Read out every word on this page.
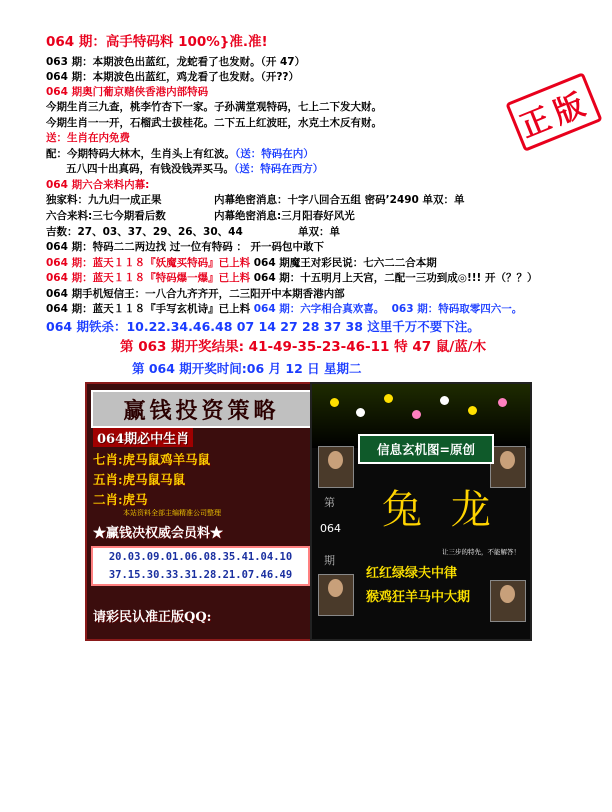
正版
064 期：高手特码料 100%}准.准!
063 期：本期波色出蓝红，龙蛇看了也发财。（开 47）
064 期：本期波色出蓝红，鸡龙看了也发财。（开??）
064 期奥门葡京赌侠香港内部特码
今期生肖三九查，桃李竹杏下一家。子孙满堂观特码，七上二下发大财。
今期生肖一一开，石榴武士拔桂花。二下五上红波旺，水克土木反有财。
送：生肖在内免费
配：今期特码大林木，生肖头上有红波。（送：特码在内）
五八四十出真码，有钱没钱弄买马。（送：特码在西方）
064 期六合来料内幕:
独家料：九九归一成正果	内幕绝密消息：十字八回合五组 密码’2490 单双：单
六合来料:三七今期看后数	内幕绝密消息:三月阳春好风光
吉数：27、03、37、29、26、30、44	单双：单
064 期：特码二二两边找 过一位有特码 ： 开一码包中敢下
064 期：蓝天１１８『妖魔买特码』已上料 064 期魔王对彩民说：七六二二合本期
064 期：蓝天１１８『特码爆一爆』已上料 064 期：十五明月上天宫，二配一三功到成◎!!! 开（？？）
064 期手机短信王：一八合九齐齐开，二三阳开中本期香港内部
064 期：蓝天１１８『手写玄机诗』已上料 064 期：六字相合真欢喜。 063 期：特码取零四六一。
064 期铁杀：10.22.34.46.48 07 14 27 28 37 38 这里千万不要下注。
第 063 期开奖结果: 41-49-35-23-46-11 特 47 鼠/蓝/木
第 064 期开奖时间:06 月 12 日 星期二
赢钱投资策略
064期必中生肖
七肖:虎马鼠鸡羊马鼠
五肖:虎马鼠马鼠
二肖:虎马
本站资料全部主编精准公司整理
★赢钱决权威会员料★
20.03.09.01.06.08.35.41.04.10
37.15.30.33.31.28.21.07.46.49
请彩民认准正版QQ:
信息玄机图=原创
第
064
期
兔 龙
让三步的特先，不能解答！
红红绿绿夫中律
猴鸡狂羊马中大期
